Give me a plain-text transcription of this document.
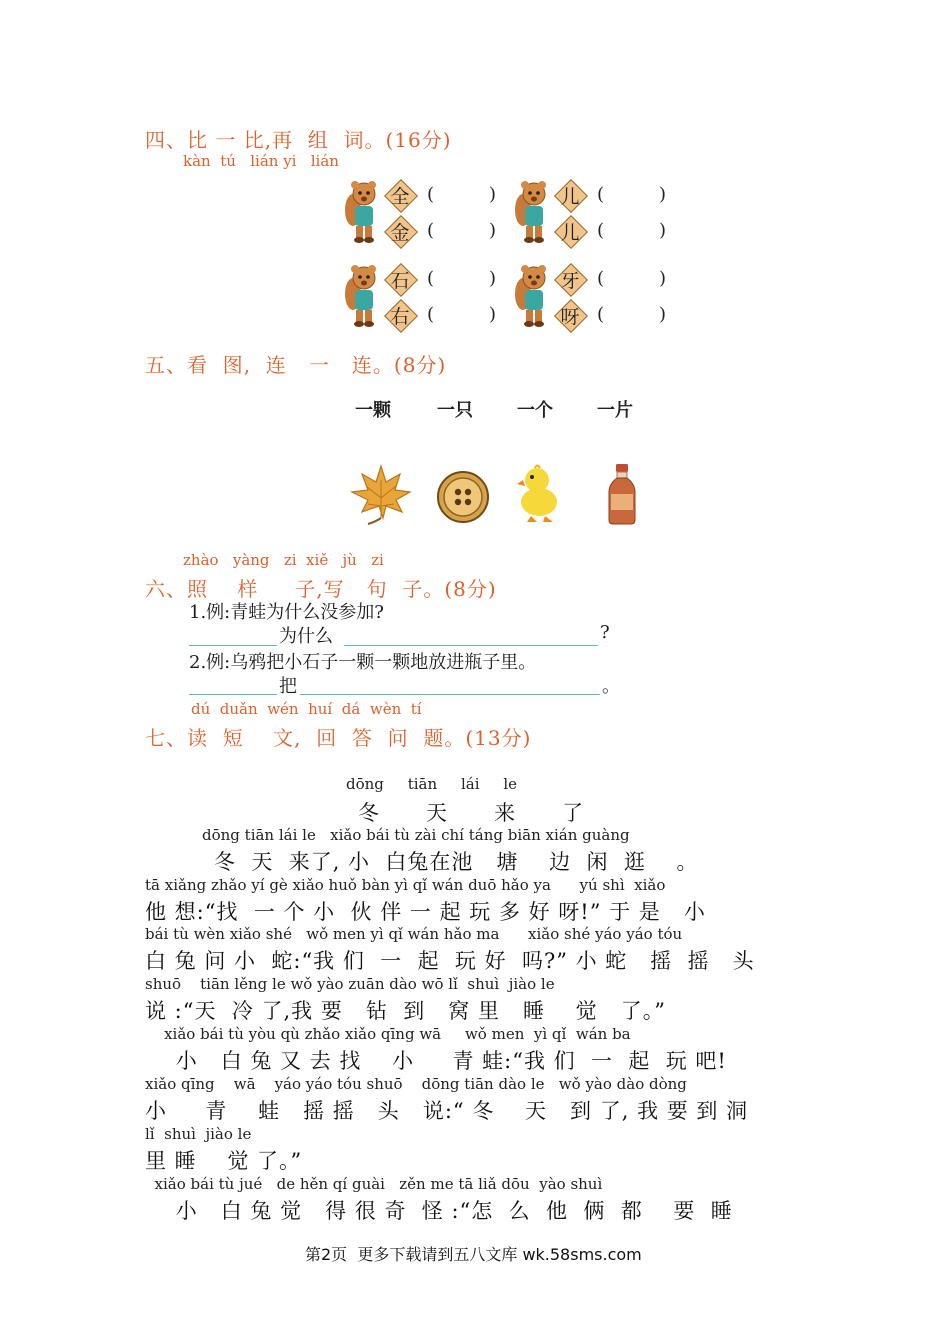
四、比 一 比,再  组  词。(16分)
kàn  tú   lián yi   lián
全 (	)
金 (	)
儿 (	)
儿 (	)
石 (	)
右 (	)
牙 (	)
呀 (	)
五、看  图,  连   一   连。(8分)
一颗	一只 一个 一片
zhào   yàng   zi  xiě   jù   zi
六、照    样     子,写   句  子。(8分)
1.例:青蛙为什么没参加?
为什么	?
2.例:乌鸦把小石子一颗一颗地放进瓶子里。
把	。
dú  duǎn  wén  huí  dá  wèn  tí
七、读  短    文,  回  答  问  题。(13分)
dōng     tiān     lái     le
冬      天      来      了
dōng tiān lái le   xiǎo bái tù zài chí táng biān xián guàng
冬  天  来了, 小  白兔在池   塘    边  闲  逛    。
tā xiǎng zhǎo yí gè xiǎo huǒ bàn yì qǐ wán duō hǎo ya      yú shì  xiǎo
他 想:“找  一 个 小  伙 伴 一 起 玩 多 好 呀!” 于 是   小
bái tù wèn xiǎo shé   wǒ men yì qǐ wán hǎo ma      xiǎo shé yáo yáo tóu
白 兔 问 小  蛇:“我 们  一  起  玩 好  吗?” 小 蛇   摇  摇   头
shuō    tiān lěng le wǒ yào zuān dào wō lǐ  shuì  jiào le
说 :“天  冷 了,我 要   钻  到   窝 里   睡    觉   了。”
xiǎo bái tù yòu qù zhǎo xiǎo qīng wā     wǒ men  yì qǐ  wán ba
小   白 兔 又 去 找    小     青 蛙:“我 们  一  起  玩 吧!
xiǎo qīng    wā    yáo yáo tóu shuō    dōng tiān dào le   wǒ yào dào dòng
小     青    蛙   摇 摇   头   说:“ 冬    天   到 了, 我 要 到 洞
lǐ  shuì  jiào le
里 睡    觉 了。”
xiǎo bái tù jué   de hěn qí guài   zěn me tā liǎ dōu  yào shuì
小   白 兔 觉   得 很 奇  怪 :“怎  么  他  俩  都    要  睡
第2页  更多下载请到五八文库 wk.58sms.com
